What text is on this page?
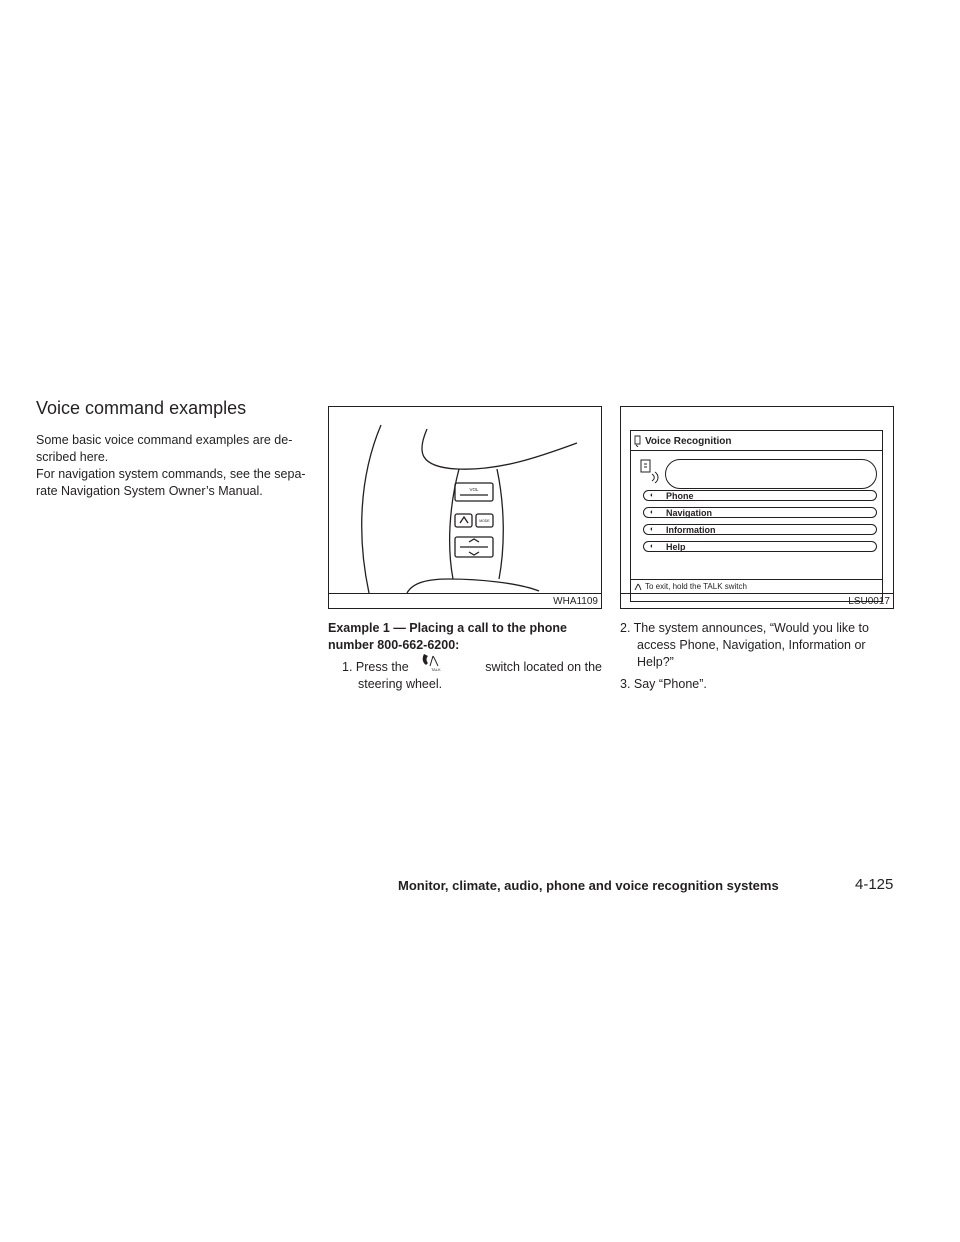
Voice command examples

Some basic voice command examples are de- scribed here.

For navigation system commands, see the sepa- rate Navigation System Owner’s Manual.	VOL
MODE
WHA1109
Voice Recognition
◐ Phone
◐ Navigation
◐ Information
◐ Help
To exit, hold the TALK switch
LSU0017
Example 1 — Placing a call to the phone
number 800-662-6200:
1. Press the	TALK	switch located on the
steering wheel.
2. The system announces, “Would you like to
access Phone, Navigation, Information or
Help?”
3. Say “Phone”.
Monitor, climate, audio, phone and voice recognition systems	4-125
